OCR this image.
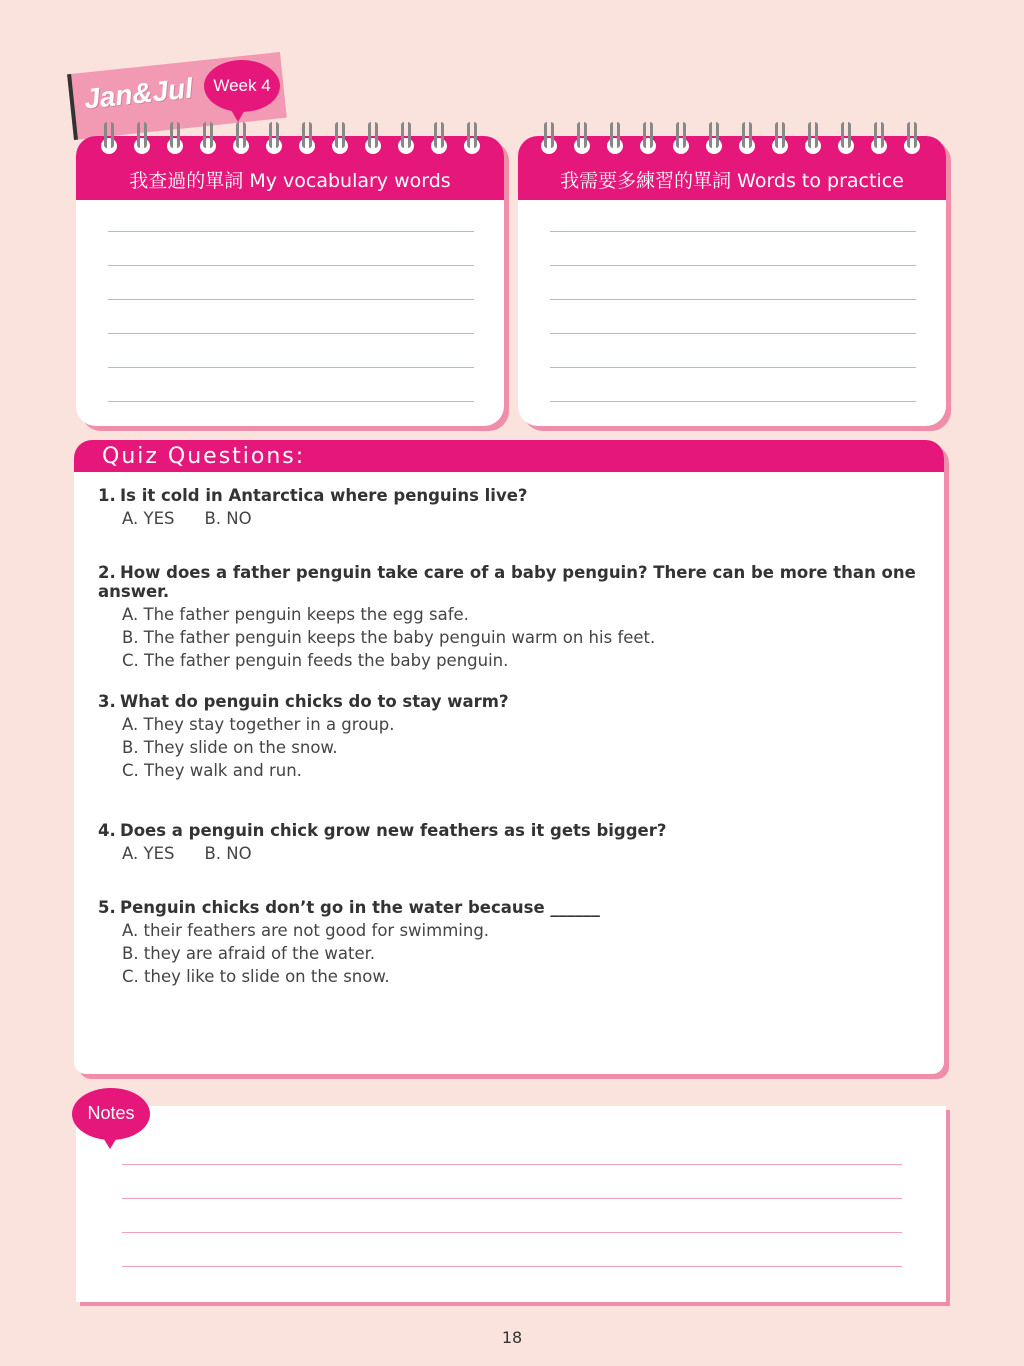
Jan&Jul	Week 4
我查過的單詞 My vocabulary words	我需要多練習的單詞 Words to practice
Quiz Questions:
1. Is it cold in Antarctica where penguins live?
A. YES B. NO
2. How does a father penguin take care of a baby penguin? There can be more than one answer.
A. The father penguin keeps the egg safe.
B. The father penguin keeps the baby penguin warm on his feet.
C. The father penguin feeds the baby penguin.
3. What do penguin chicks do to stay warm?
A. They stay together in a group.
B. They slide on the snow.
C. They walk and run.
4. Does a penguin chick grow new feathers as it gets bigger?
A. YES B. NO
5. Penguin chicks don’t go in the water because ______
A. their feathers are not good for swimming.
B. they are afraid of the water.
C. they like to slide on the snow.
Notes
18
